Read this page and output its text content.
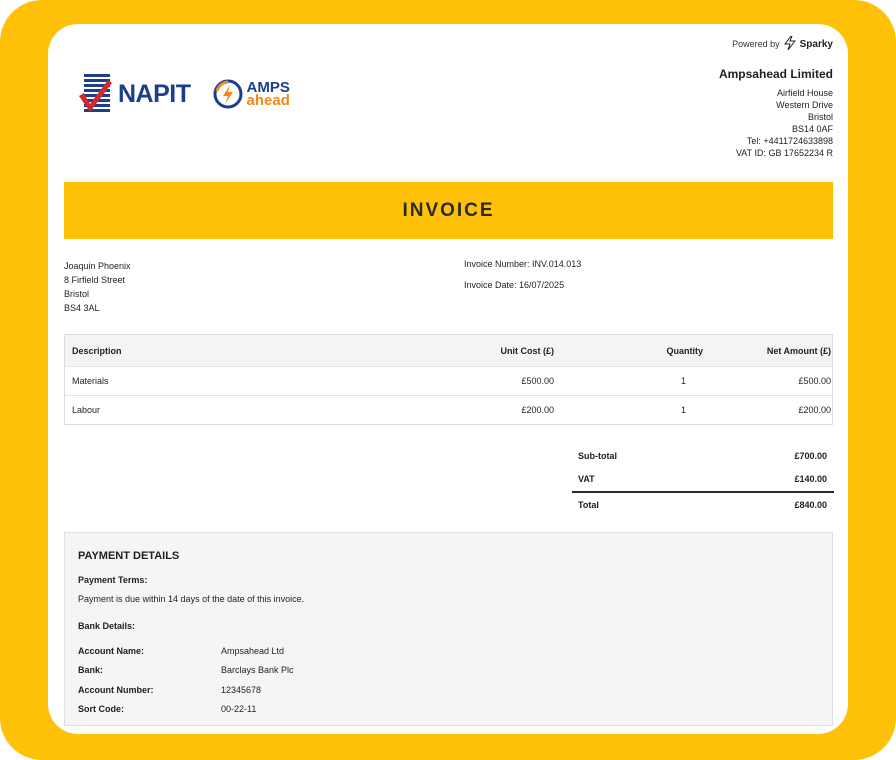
Powered by Sparky
NAPIT	AMPS
ahead
Ampsahead Limited
Airfield House
Western Drive
Bristol
BS14 0AF
Tel: +4411724633898
VAT ID: GB 17652234 R
INVOICE
Joaquin Phoenix
8 Firfield Street
Bristol
BS4 3AL
Invoice Number: INV.014.013
Invoice Date: 16/07/2025
Description	Unit Cost (£)	Quantity	Net Amount (£)
Materials	£500.00	1	£500.00
Labour	£200.00	1	£200.00
Sub-total	£700.00
VAT	£140.00
Total	£840.00
PAYMENT DETAILS
Payment Terms:
Payment is due within 14 days of the date of this invoice.
Bank Details:
Account Name:	Ampsahead Ltd
Bank:	Barclays Bank Plc
Account Number:	12345678
Sort Code:	00-22-11
